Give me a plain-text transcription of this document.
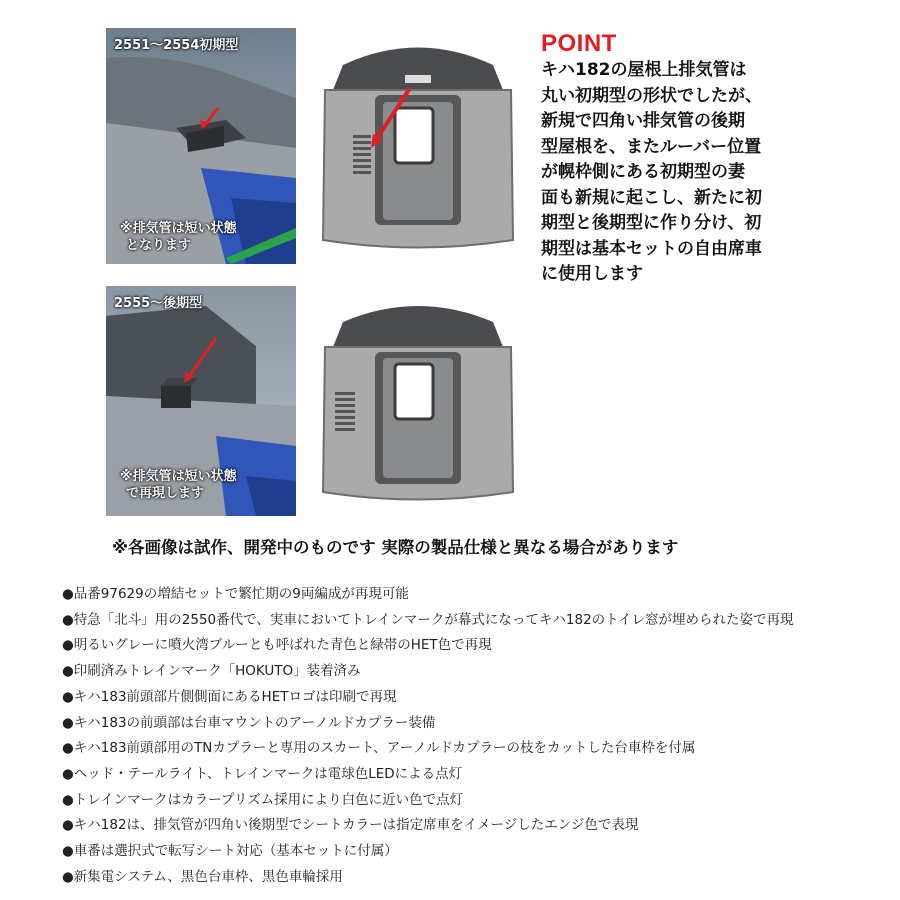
2551〜2554初期型
※排気管は短い状態
となります
POINT
キハ182の屋根上排気管は
丸い初期型の形状でしたが、
新規で四角い排気管の後期
型屋根を、またルーバー位置
が幌枠側にある初期型の妻
面も新規に起こし、新たに初
期型と後期型に作り分け、初
期型は基本セットの自由席車
に使用します
2555〜後期型
※排気管は短い状態
で再現します
※各画像は試作、開発中のものです 実際の製品仕様と異なる場合があります
●品番97629の増結セットで繁忙期の9両編成が再現可能
●特急「北斗」用の2550番代で、実車においてトレインマークが幕式になってキハ182のトイレ窓が埋められた姿で再現
●明るいグレーに噴火湾ブルーとも呼ばれた青色と緑帯のHET色で再現
●印刷済みトレインマーク「HOKUTO」装着済み
●キハ183前頭部片側側面にあるHETロゴは印刷で再現
●キハ183の前頭部は台車マウントのアーノルドカプラー装備
●キハ183前頭部用のTNカプラーと専用のスカート、アーノルドカプラーの枝をカットした台車枠を付属
●ヘッド・テールライト、トレインマークは電球色LEDによる点灯
●トレインマークはカラープリズム採用により白色に近い色で点灯
●キハ182は、排気管が四角い後期型でシートカラーは指定席車をイメージしたエンジ色で表現
●車番は選択式で転写シート対応（基本セットに付属）
●新集電システム、黒色台車枠、黒色車輪採用
